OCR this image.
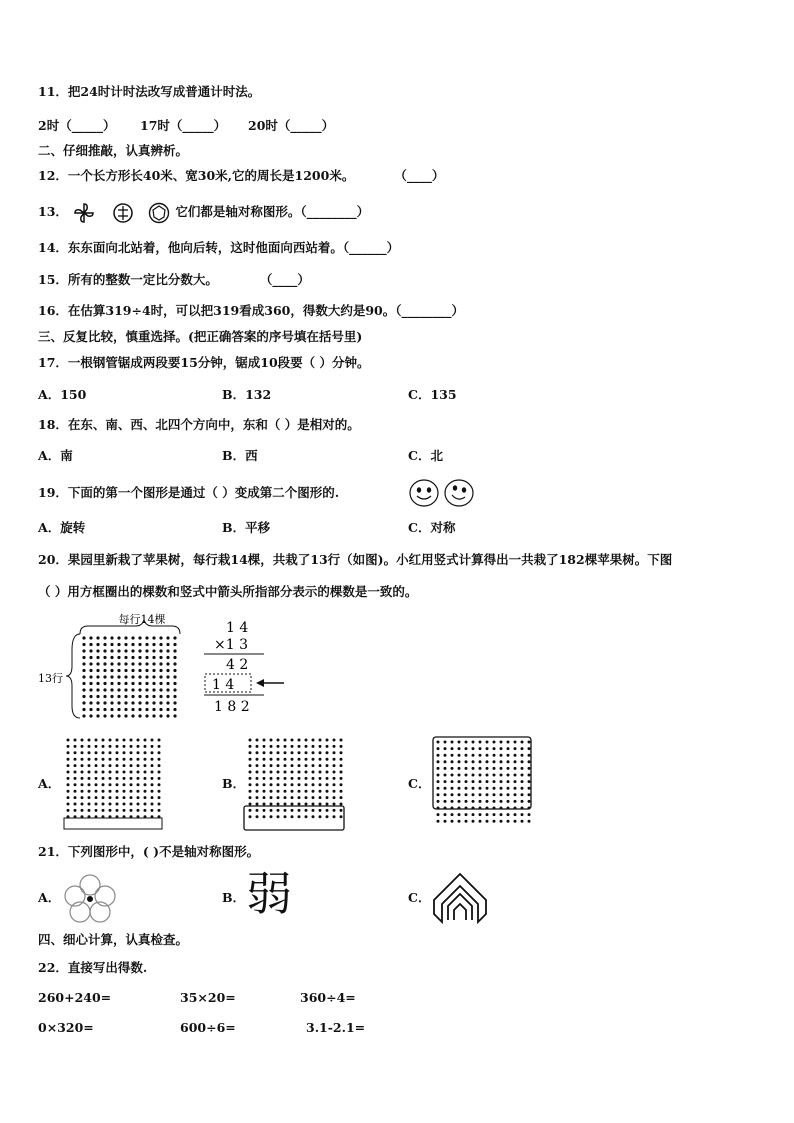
11．把24时计时法改写成普通计时法。
2时（_____） 17时（_____） 20时（_____）
二、仔细推敲，认真辨析。
12．一个长方形长40米、宽30米,它的周长是1200米。	（____）
13．	它们都是轴对称图形。（________）
14．东东面向北站着，他向后转，这时他面向西站着。（______）
15．所有的整数一定比分数大。	（____）
16．在估算319÷4时，可以把319看成360，得数大约是90。（________）
三、反复比较，慎重选择。(把正确答案的序号填在括号里)
17．一根钢管锯成两段要15分钟，锯成10段要（ ）分钟。
A．150	B．132	C．135
18．在东、南、西、北四个方向中，东和（ ）是相对的。
A．南	B．西	C．北
19．下面的第一个图形是通过（ ）变成第二个图形的.
A．旋转	B．平移	C．对称
20．果园里新栽了苹果树，每行栽14棵，共栽了13行（如图)。小红用竖式计算得出一共栽了182棵苹果树。下图
（ ）用方框圈出的棵数和竖式中箭头所指部分表示的棵数是一致的。
每行14棵
13行
1 4
×1 3
4 2
1 4
1 8 2
A．	B．	C．
21．下列图形中，( )不是轴对称图形。
A．	B． 弱	C．
四、细心计算，认真检查。
22．直接写出得数.
260+240=	35×20=	360÷4=
0×320=	600÷6=	3.1-2.1=
